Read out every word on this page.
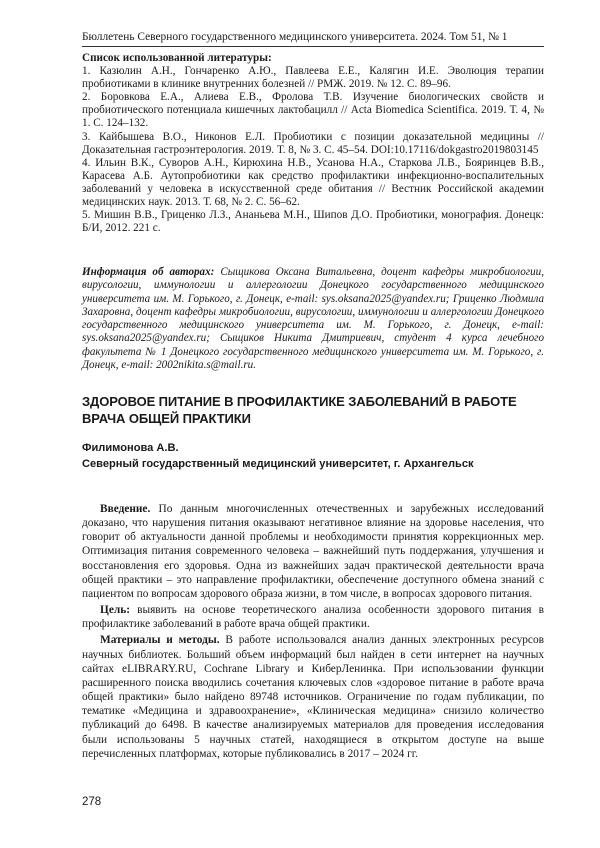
Бюллетень Северного государственного медицинского университета. 2024. Том 51, № 1

Список использованной литературы:

1. Казюлин А.Н., Гончаренко А.Ю., Павлеева Е.Е., Калягин И.Е. Эволюция терапии пробиотиками в клинике внутренних болезней // РМЖ. 2019. № 12. С. 89–96.

2. Боровкова Е.А., Алиева Е.В., Фролова Т.В. Изучение биологических свойств и пробиотического потенциала кишечных лактобацилл // Acta Biomedica Scientifica. 2019. Т. 4, № 1. С. 124–132.

3. Кайбышева В.О., Никонов Е.Л. Пробиотики с позиции доказательной медицины // Доказательная гастроэнтерология. 2019. Т. 8, № 3. С. 45–54. DOI:10.17116/dokgastro2019803145

4. Ильин В.К., Суворов А.Н., Кирюхина Н.В., Усанова Н.А., Старкова Л.В., Бояринцев В.В., Карасева А.Б. Аутопробиотики как средство профилактики инфекционно-воспалительных заболеваний у человека в искусственной среде обитания // Вестник Российской академии медицинских наук. 2013. Т. 68, № 2. С. 56–62.

5. Мишин В.В., Гриценко Л.З., Ананьева М.Н., Шипов Д.О. Пробиотики, монография. Донецк: Б/И, 2012. 221 с.

Информация об авторах: Сыщикова Оксана Витальевна, доцент кафедры микробиологии, вирусологии, иммунологии и аллергологии Донецкого государственного медицинского университета им. М. Горького, г. Донецк, e-mail: sys.oksana2025@yandex.ru; Гриценко Людмила Захаровна, доцент кафедры микробиологии, вирусологии, иммунологии и аллергологии Донецкого государственного медицинского университета им. М. Горького, г. Донецк, e-mail: sys.oksana2025@yandex.ru; Сыщиков Никита Дмитриевич, студент 4 курса лечебного факультета № 1 Донецкого государственного медицинского университета им. М. Горького, г. Донецк, e-mail: 2002nikita.s@mail.ru.
ЗДОРОВОЕ ПИТАНИЕ В ПРОФИЛАКТИКЕ ЗАБОЛЕВАНИЙ В РАБОТЕ ВРАЧА ОБЩЕЙ ПРАКТИКИ
Филимонова А.В.
Северный государственный медицинский университет, г. Архангельск

Введение. По данным многочисленных отечественных и зарубежных исследований доказано, что нарушения питания оказывают негативное влияние на здоровье населения, что говорит об актуальности данной проблемы и необходимости принятия коррекционных мер. Оптимизация питания современного человека – важнейший путь поддержания, улучшения и восстановления его здоровья. Одна из важнейших задач практической деятельности врача общей практики – это направление профилактики, обеспечение доступного обмена знаний с пациентом по вопросам здорового образа жизни, в том числе, в вопросах здорового питания.

Цель: выявить на основе теоретического анализа особенности здорового питания в профилактике заболеваний в работе врача общей практики.

Материалы и методы. В работе использовался анализ данных электронных ресурсов научных библиотек. Больший объем информаций был найден в сети интернет на научных сайтах eLIBRARY.RU, Cochrane Library и КиберЛенинка. При использовании функции расширенного поиска вводились сочетания ключевых слов «здоровое питание в работе врача общей практики» было найдено 89748 источников. Ограничение по годам публикации, по тематике «Медицина и здравоохранение», «Клиническая медицина» снизило количество публикаций до 6498. В качестве анализируемых материалов для проведения исследования были использованы 5 научных статей, находящиеся в открытом доступе на выше перечисленных платформах, которые публиковались в 2017 – 2024 гг.

278
